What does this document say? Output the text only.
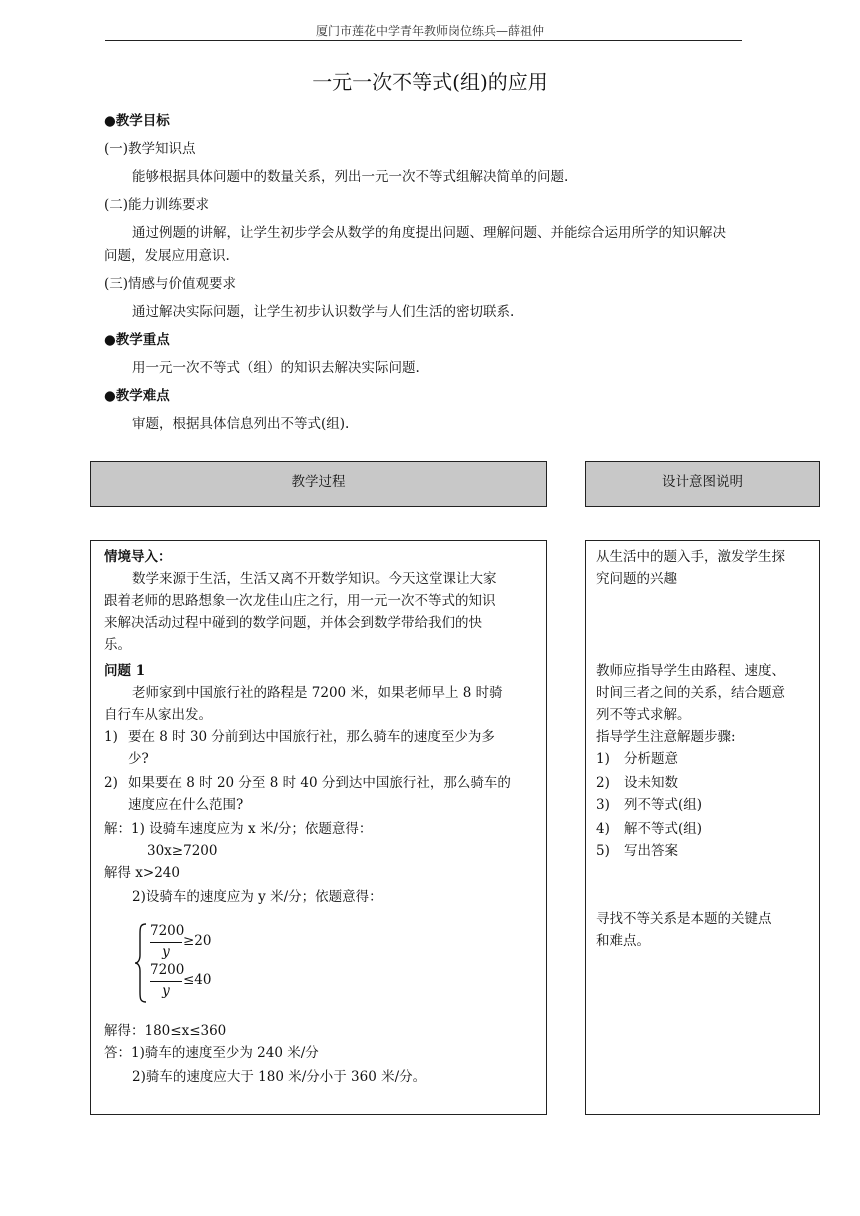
厦门市莲花中学青年教师岗位练兵—薛祖仲
一元一次不等式(组)的应用
●教学目标
(一)教学知识点
能够根据具体问题中的数量关系，列出一元一次不等式组解决简单的问题.
(二)能力训练要求
通过例题的讲解，让学生初步学会从数学的角度提出问题、理解问题、并能综合运用所学的知识解决
问题，发展应用意识.
(三)情感与价值观要求
通过解决实际问题，让学生初步认识数学与人们生活的密切联系.
●教学重点
用一元一次不等式（组）的知识去解决实际问题.
●教学难点
审题，根据具体信息列出不等式(组).
教学过程	设计意图说明
情境导入：
数学来源于生活，生活又离不开数学知识。今天这堂课让大家
跟着老师的思路想象一次龙佳山庄之行，用一元一次不等式的知识
来解决活动过程中碰到的数学问题，并体会到数学带给我们的快
乐。
问题 1
老师家到中国旅行社的路程是 7200 米，如果老师早上 8 时骑
自行车从家出发。
1) 要在 8 时 30 分前到达中国旅行社，那么骑车的速度至少为多
少?
2) 如果要在 8 时 20 分至 8 时 40 分到达中国旅行社，那么骑车的
速度应在什么范围?
解：1) 设骑车速度应为 x 米/分；依题意得：
30x≥7200
解得 x>240
2)设骑车的速度应为 y 米/分；依题意得：
7200
y
≥20
7200
y
≤40
解得：180≤x≤360
答：1)骑车的速度至少为 240 米/分
2)骑车的速度应大于 180 米/分小于 360 米/分。
从生活中的题入手，激发学生探
究问题的兴趣
教师应指导学生由路程、速度、
时间三者之间的关系，结合题意
列不等式求解。
指导学生注意解题步骤:
1) 分析题意
2) 设未知数
3) 列不等式(组)
4) 解不等式(组)
5) 写出答案
寻找不等关系是本题的关键点
和难点。
